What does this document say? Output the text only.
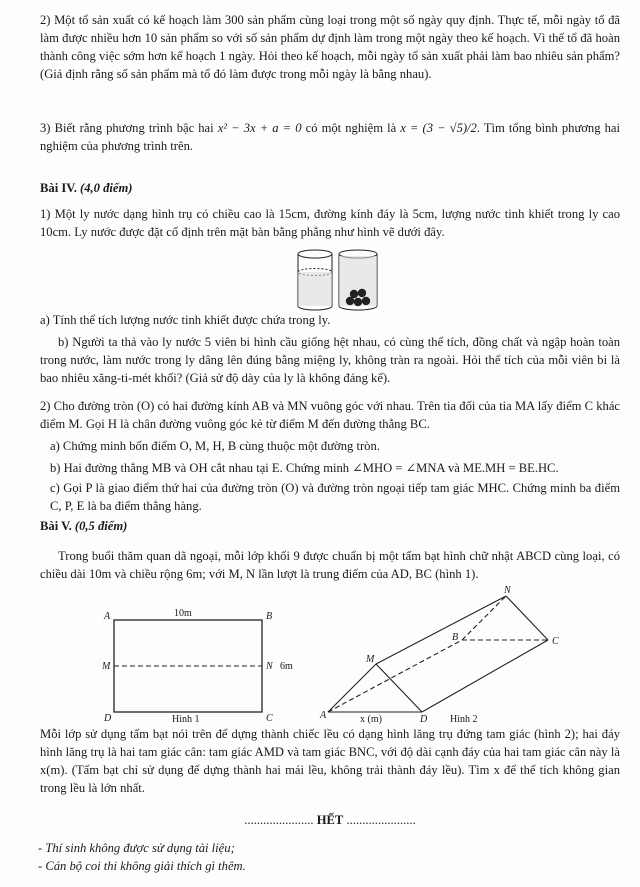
2) Một tổ sản xuất có kế hoạch làm 300 sản phẩm cùng loại trong một số ngày quy định. Thực tế, mỗi ngày tổ đã làm được nhiều hơn 10 sản phẩm so với số sản phẩm dự định làm trong một ngày theo kế hoạch. Vì thế tổ đã hoàn thành công việc sớm hơn kế hoạch 1 ngày. Hỏi theo kế hoạch, mỗi ngày tổ sản xuất phải làm bao nhiêu sản phẩm? (Giả định rằng số sản phẩm mà tổ đó làm được trong mỗi ngày là bằng nhau).

3) Biết rằng phương trình bậc hai x² − 3x + a = 0 có một nghiệm là x = (3 − √5)/2. Tìm tổng bình phương hai nghiệm của phương trình trên.

Bài IV. (4,0 điểm)

1) Một ly nước dạng hình trụ có chiều cao là 15cm, đường kính đáy là 5cm, lượng nước tinh khiết trong ly cao 10cm. Ly nước được đặt cố định trên mặt bàn bằng phẳng như hình vẽ dưới đây.

a) Tính thể tích lượng nước tinh khiết được chứa trong ly.

b) Người ta thả vào ly nước 5 viên bi hình cầu giống hệt nhau, có cùng thể tích, đồng chất và ngập hoàn toàn trong nước, làm nước trong ly dâng lên đúng bằng miệng ly, không tràn ra ngoài. Hỏi thể tích của mỗi viên bi là bao nhiêu xăng-ti-mét khối? (Giả sử độ dày của ly là không đáng kể).

2) Cho đường tròn (O) có hai đường kính AB và MN vuông góc với nhau. Trên tia đối của tia MA lấy điểm C khác điểm M. Gọi H là chân đường vuông góc kẻ từ điểm M đến đường thẳng BC.

a) Chứng minh bốn điểm O, M, H, B cùng thuộc một đường tròn.

b) Hai đường thẳng MB và OH cắt nhau tại E. Chứng minh ∠MHO = ∠MNA và ME.MH = BE.HC.

c) Gọi P là giao điểm thứ hai của đường tròn (O) và đường tròn ngoại tiếp tam giác MHC. Chứng minh ba điểm C, P, E là ba điểm thẳng hàng.

Bài V. (0,5 điểm)

Trong buổi thăm quan dã ngoại, mỗi lớp khối 9 được chuẩn bị một tấm bạt hình chữ nhật ABCD cùng loại, có chiều dài 10m và chiều rộng 6m; với M, N lần lượt là trung điểm của AD, BC (hình 1).

A	B
C
D
M	N
10m
6m
Hình 1	A
M
D
N
B	C
x (m)	Hình 2

Mỗi lớp sử dụng tấm bạt nói trên để dựng thành chiếc lều có dạng hình lăng trụ đứng tam giác (hình 2); hai đáy hình lăng trụ là hai tam giác cân: tam giác AMD và tam giác BNC, với độ dài cạnh đáy của hai tam giác cân này là x(m). (Tấm bạt chỉ sử dụng để dựng thành hai mái lều, không trải thành đáy lều). Tìm x để thể tích không gian trong lều là lớn nhất.

...................... HẾT ......................

- Thí sinh không được sử dụng tài liệu;

- Cán bộ coi thi không giải thích gì thêm.
